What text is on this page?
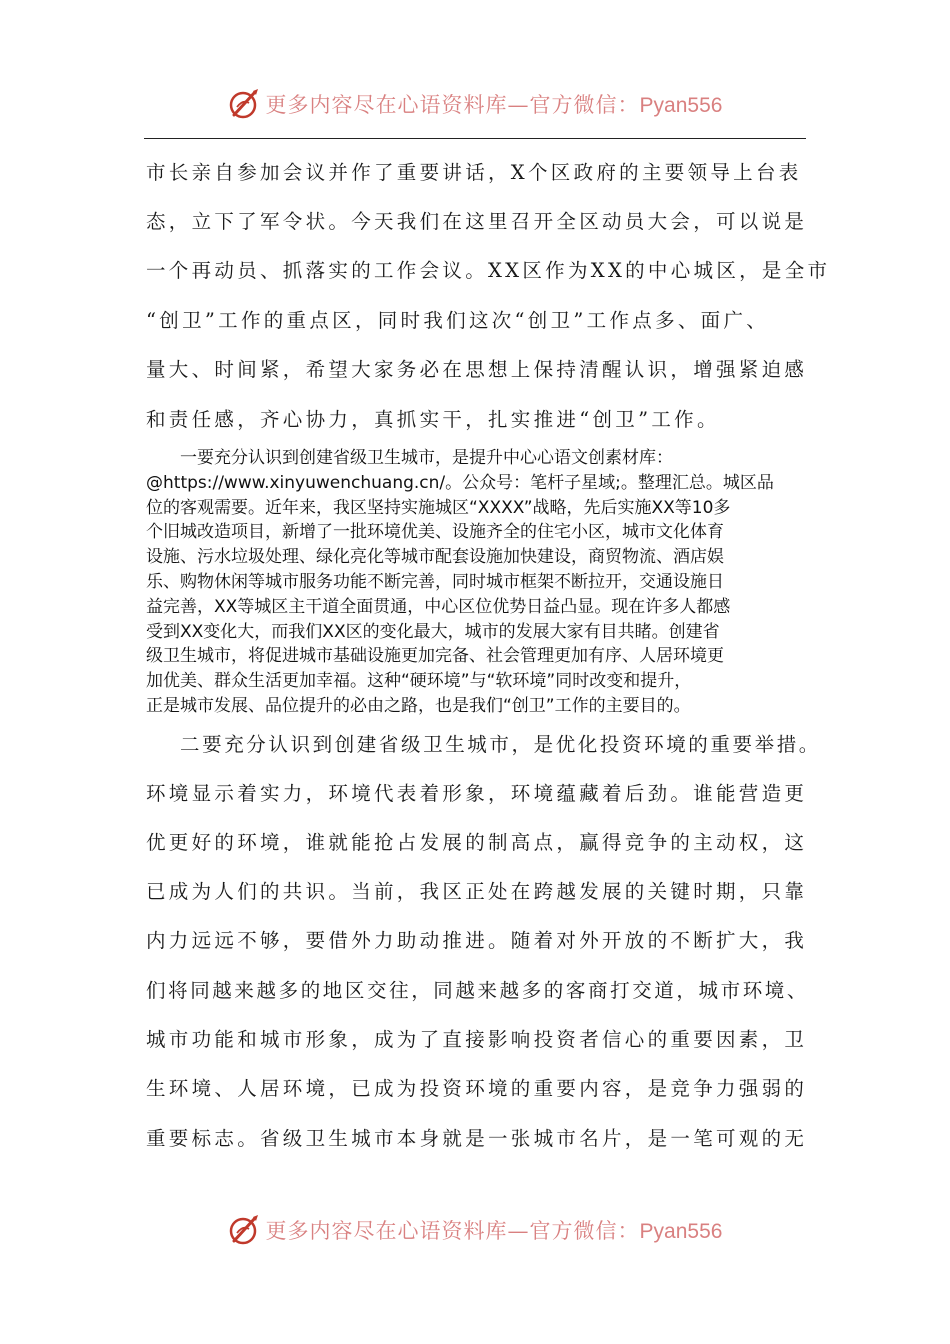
更多内容尽在心语资料库—官方微信：Pyan556

市长亲自参加会议并作了重要讲话，X个区政府的主要领导上台表

态，立下了军令状。今天我们在这里召开全区动员大会，可以说是

一个再动员、抓落实的工作会议。XX区作为XX的中心城区，是全市

“创卫”工作的重点区，同时我们这次“创卫”工作点多、面广、

量大、时间紧，希望大家务必在思想上保持清醒认识，增强紧迫感

和责任感，齐心协力，真抓实干，扎实推进“创卫”工作。

一要充分认识到创建省级卫生城市，是提升中心心语文创素材库：
@https://www.xinyuwenchuang.cn/。公众号：笔杆子星域;。整理汇总。城区品
位的客观需要。近年来，我区坚持实施城区“XXXX”战略，先后实施XX等10多
个旧城改造项目，新增了一批环境优美、设施齐全的住宅小区，城市文化体育
设施、污水垃圾处理、绿化亮化等城市配套设施加快建设，商贸物流、酒店娱
乐、购物休闲等城市服务功能不断完善，同时城市框架不断拉开，交通设施日
益完善，XX等城区主干道全面贯通，中心区位优势日益凸显。现在许多人都感
受到XX变化大，而我们XX区的变化最大，城市的发展大家有目共睹。创建省
级卫生城市，将促进城市基础设施更加完备、社会管理更加有序、人居环境更
加优美、群众生活更加幸福。这种“硬环境”与“软环境”同时改变和提升，
正是城市发展、品位提升的必由之路，也是我们“创卫”工作的主要目的。

二要充分认识到创建省级卫生城市，是优化投资环境的重要举措。

环境显示着实力，环境代表着形象，环境蕴藏着后劲。谁能营造更

优更好的环境，谁就能抢占发展的制高点，赢得竞争的主动权，这

已成为人们的共识。当前，我区正处在跨越发展的关键时期，只靠

内力远远不够，要借外力助动推进。随着对外开放的不断扩大，我

们将同越来越多的地区交往，同越来越多的客商打交道，城市环境、

城市功能和城市形象，成为了直接影响投资者信心的重要因素，卫

生环境、人居环境，已成为投资环境的重要内容，是竞争力强弱的

重要标志。省级卫生城市本身就是一张城市名片，是一笔可观的无

更多内容尽在心语资料库—官方微信：Pyan556
